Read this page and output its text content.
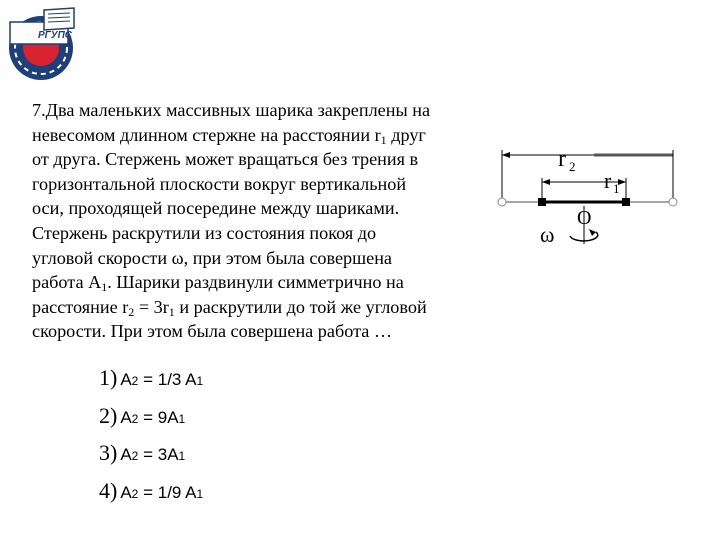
РГУПС

7.Два маленьких массивных шарика закреплены на

невесомом длинном стержне на расстоянии $r_1$ друг

от друга. Стержень может вращаться без трения в

горизонтальной плоскости вокруг вертикальной

оси, проходящей посередине между шариками.

Стержень раскрутили из состояния покоя до

угловой скорости ω, при этом была совершена

работа $A_1$. Шарики раздвинули симметрично на

расстояние $r_2 = 3r_1$ и раскрутили до той же угловой

скорости. При этом была совершена работа …

r 2
r 1
O
ω
1) A2 = 1/3 A1
2) A2 = 9A1
3) A2 = 3A1
4) A2 = 1/9 A1
